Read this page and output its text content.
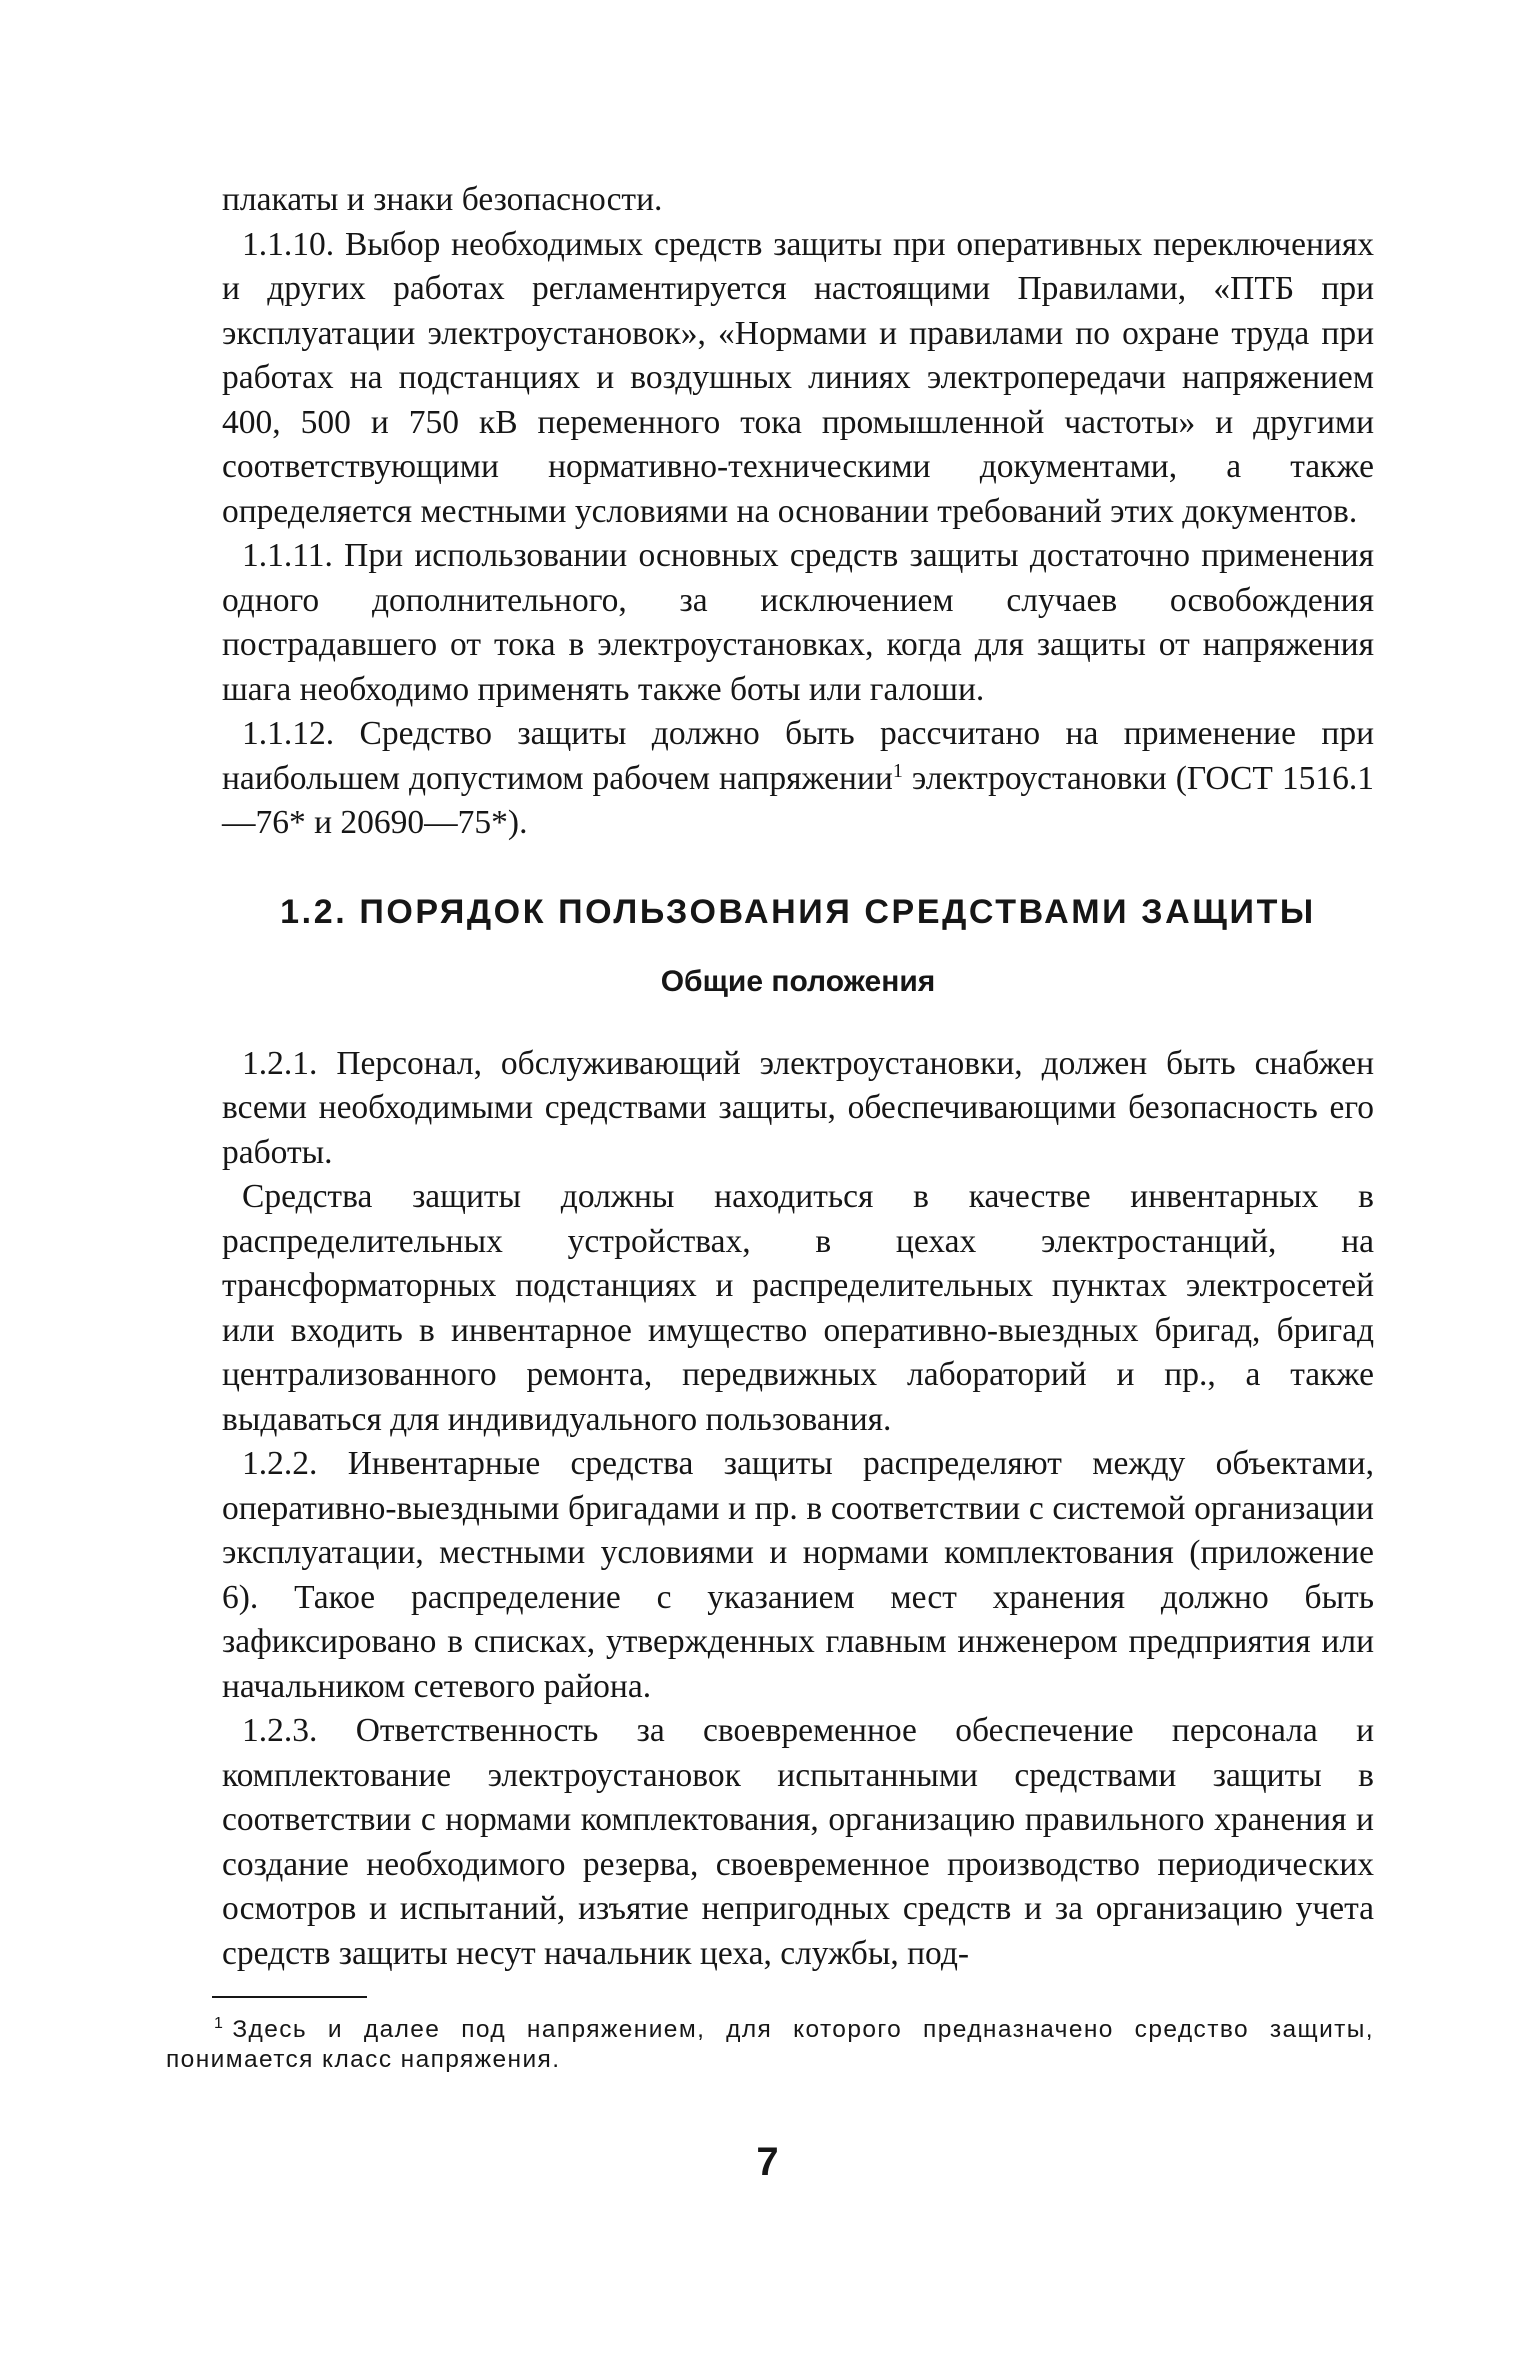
плакаты и знаки безопасности.

1.1.10. Выбор необходимых средств защиты при оперативных переключениях и других работах регламентируется настоящими Правилами, «ПТБ при эксплуатации электроустановок», «Нормами и правилами по охране труда при работах на подстанциях и воздушных линиях электропередачи напряжением 400, 500 и 750 кВ переменного тока промышленной частоты» и другими соответствующими нормативно-техническими документами, а также определяется местными условиями на основании требований этих документов.

1.1.11. При использовании основных средств защиты достаточно применения одного дополнительного, за исключением случаев освобождения пострадавшего от тока в электроустановках, когда для защиты от напряжения шага необходимо применять также боты или галоши.

1.1.12. Средство защиты должно быть рассчитано на применение при наибольшем допустимом рабочем напряжении$^1$ электроустановки (ГОСТ 1516.1—76* и 20690—75*).

1.2. ПОРЯДОК ПОЛЬЗОВАНИЯ СРЕДСТВАМИ ЗАЩИТЫ
Общие положения

1.2.1. Персонал, обслуживающий электроустановки, должен быть снабжен всеми необходимыми средствами защиты, обеспечивающими безопасность его работы.

Средства защиты должны находиться в качестве инвентарных в распределительных устройствах, в цехах электростанций, на трансформаторных подстанциях и распределительных пунктах электросетей или входить в инвентарное имущество оперативно-выездных бригад, бригад централизованного ремонта, передвижных лабораторий и пр., а также выдаваться для индивидуального пользования.

1.2.2. Инвентарные средства защиты распределяют между объектами, оперативно-выездными бригадами и пр. в соответствии с системой организации эксплуатации, местными условиями и нормами комплектования (приложение 6). Такое распределение с указанием мест хранения должно быть зафиксировано в списках, утвержденных главным инженером предприятия или начальником сетевого района.

1.2.3. Ответственность за своевременное обеспечение персонала и комплектование электроустановок испытанными средствами защиты в соответствии с нормами комплектования, организацию правильного хранения и создание необходимого резерва, своевременное производство периодических осмотров и испытаний, изъятие непригодных средств и за организацию учета средств защиты несут начальник цеха, службы, под-

$^1$ Здесь и далее под напряжением, для которого предназначено средство защиты, понимается класс напряжения.
7
